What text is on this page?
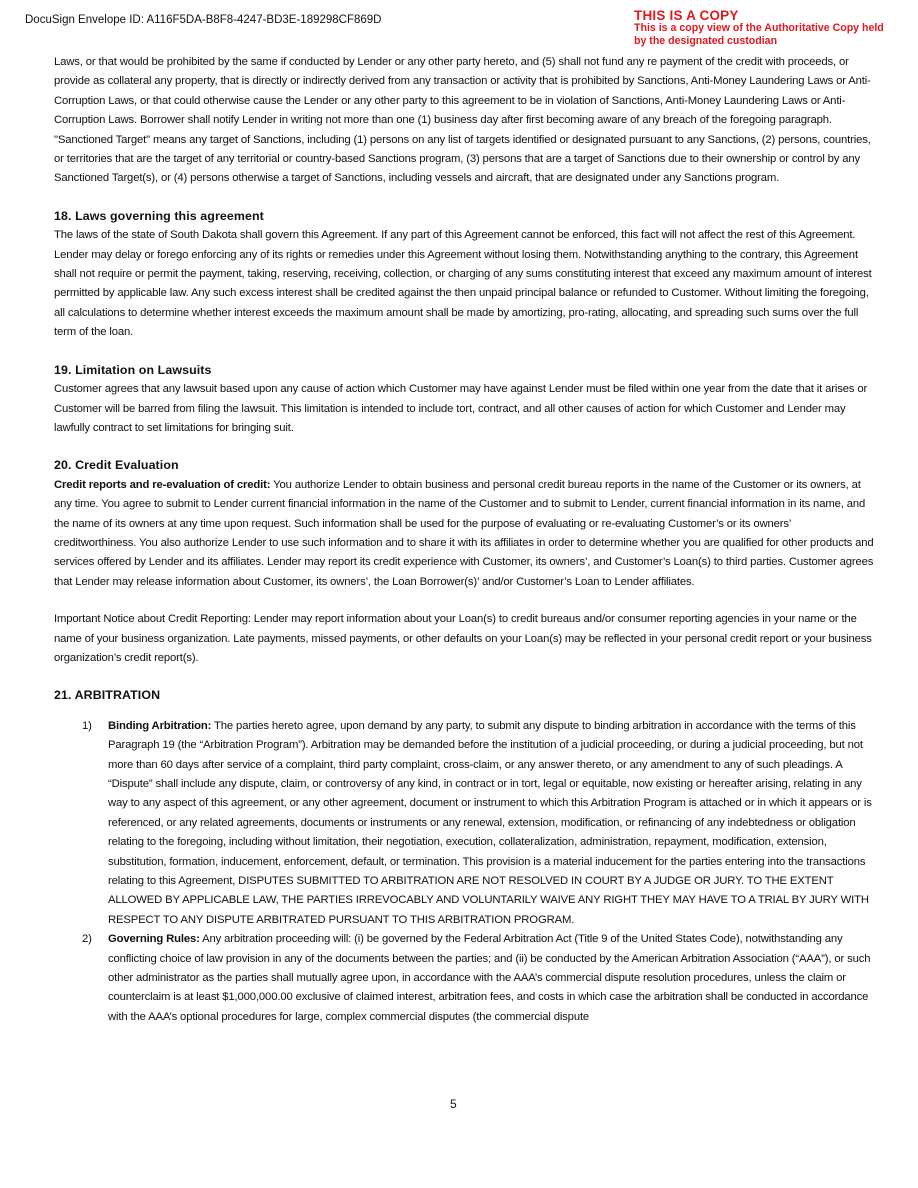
DocuSign Envelope ID: A116F5DA-B8F8-4247-BD3E-189298CF869D	THIS IS A COPY
This is a copy view of the Authoritative Copy held
by the designated custodian

Laws, or that would be prohibited by the same if conducted by Lender or any other party hereto, and (5) shall not fund any re payment of the credit with proceeds, or provide as collateral any property, that is directly or indirectly derived from any transaction or activity that is prohibited by Sanctions, Anti-Money Laundering Laws or Anti-Corruption Laws, or that could otherwise cause the Lender or any other party to this agreement to be in violation of Sanctions, Anti-Money Laundering Laws or Anti-Corruption Laws. Borrower shall notify Lender in writing not more than one (1) business day after first becoming aware of any breach of the foregoing paragraph. "Sanctioned Target" means any target of Sanctions, including (1) persons on any list of targets identified or designated pursuant to any Sanctions, (2) persons, countries, or territories that are the target of any territorial or country-based Sanctions program, (3) persons that are a target of Sanctions due to their ownership or control by any Sanctioned Target(s), or (4) persons otherwise a target of Sanctions, including vessels and aircraft, that are designated under any Sanctions program.

18. Laws governing this agreement

The laws of the state of South Dakota shall govern this Agreement. If any part of this Agreement cannot be enforced, this fact will not affect the rest of this Agreement. Lender may delay or forego enforcing any of its rights or remedies under this Agreement without losing them. Notwithstanding anything to the contrary, this Agreement shall not require or permit the payment, taking, reserving, receiving, collection, or charging of any sums constituting interest that exceed any maximum amount of interest permitted by applicable law. Any such excess interest shall be credited against the then unpaid principal balance or refunded to Customer. Without limiting the foregoing, all calculations to determine whether interest exceeds the maximum amount shall be made by amortizing, pro-rating, allocating, and spreading such sums over the full term of the loan.

19. Limitation on Lawsuits

Customer agrees that any lawsuit based upon any cause of action which Customer may have against Lender must be filed within one year from the date that it arises or Customer will be barred from filing the lawsuit. This limitation is intended to include tort, contract, and all other causes of action for which Customer and Lender may lawfully contract to set limitations for bringing suit.

20. Credit Evaluation

Credit reports and re-evaluation of credit: You authorize Lender to obtain business and personal credit bureau reports in the name of the Customer or its owners, at any time. You agree to submit to Lender current financial information in the name of the Customer and to submit to Lender, current financial information in its name, and the name of its owners at any time upon request. Such information shall be used for the purpose of evaluating or re-evaluating Customer’s or its owners’ creditworthiness. You also authorize Lender to use such information and to share it with its affiliates in order to determine whether you are qualified for other products and services offered by Lender and its affiliates. Lender may report its credit experience with Customer, its owners’, and Customer’s Loan(s) to third parties. Customer agrees that Lender may release information about Customer, its owners’, the Loan Borrower(s)’ and/or Customer’s Loan to Lender affiliates.

Important Notice about Credit Reporting: Lender may report information about your Loan(s) to credit bureaus and/or consumer reporting agencies in your name or the name of your business organization. Late payments, missed payments, or other defaults on your Loan(s) may be reflected in your personal credit report or your business organization’s credit report(s).

21. ARBITRATION
1) Binding Arbitration: The parties hereto agree, upon demand by any party, to submit any dispute to binding arbitration in accordance with the terms of this Paragraph 19 (the “Arbitration Program”). Arbitration may be demanded before the institution of a judicial proceeding, or during a judicial proceeding, but not more than 60 days after service of a complaint, third party complaint, cross-claim, or any answer thereto, or any amendment to any of such pleadings. A “Dispute” shall include any dispute, claim, or controversy of any kind, in contract or in tort, legal or equitable, now existing or hereafter arising, relating in any way to any aspect of this agreement, or any other agreement, document or instrument to which this Arbitration Program is attached or in which it appears or is referenced, or any related agreements, documents or instruments or any renewal, extension, modification, or refinancing of any indebtedness or obligation relating to the foregoing, including without limitation, their negotiation, execution, collateralization, administration, repayment, modification, extension, substitution, formation, inducement, enforcement, default, or termination. This provision is a material inducement for the parties entering into the transactions relating to this Agreement, DISPUTES SUBMITTED TO ARBITRATION ARE NOT RESOLVED IN COURT BY A JUDGE OR JURY. TO THE EXTENT ALLOWED BY APPLICABLE LAW, THE PARTIES IRREVOCABLY AND VOLUNTARILY WAIVE ANY RIGHT THEY MAY HAVE TO A TRIAL BY JURY WITH RESPECT TO ANY DISPUTE ARBITRATED PURSUANT TO THIS ARBITRATION PROGRAM.
2) Governing Rules: Any arbitration proceeding will: (i) be governed by the Federal Arbitration Act (Title 9 of the United States Code), notwithstanding any conflicting choice of law provision in any of the documents between the parties; and (ii) be conducted by the American Arbitration Association (“AAA”), or such other administrator as the parties shall mutually agree upon, in accordance with the AAA’s commercial dispute resolution procedures, unless the claim or counterclaim is at least $1,000,000.00 exclusive of claimed interest, arbitration fees, and costs in which case the arbitration shall be conducted in accordance with the AAA’s optional procedures for large, complex commercial disputes (the commercial dispute
5
